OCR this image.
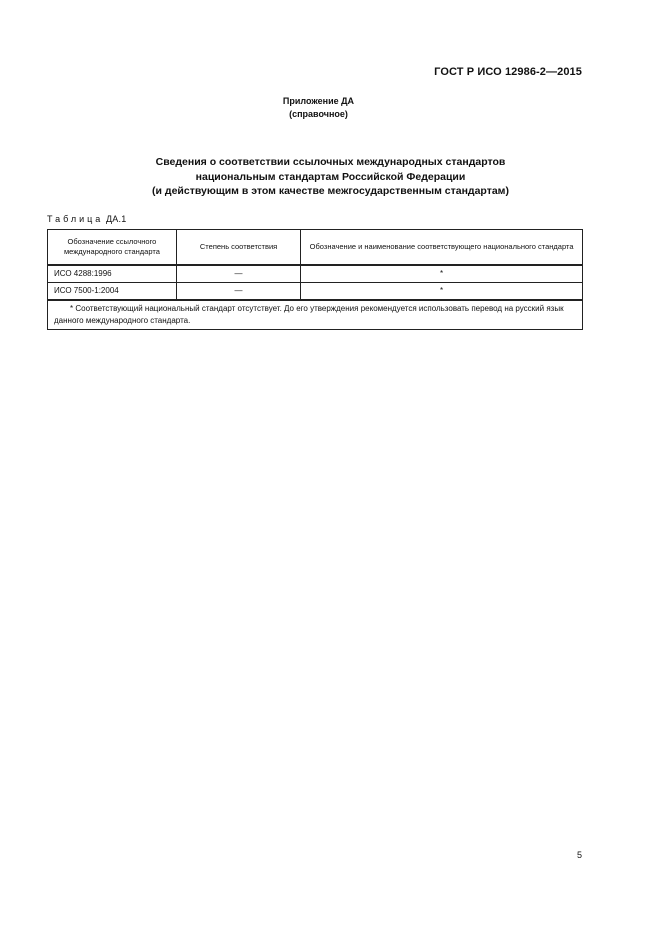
ГОСТ Р ИСО 12986-2—2015
Приложение ДА
(справочное)
Сведения о соответствии ссылочных международных стандартов
национальным стандартам Российской Федерации
(и действующим в этом качестве межгосударственным стандартам)
Таблица ДА.1
Обозначение ссылочного международного стандарта	Степень соответствия	Обозначение и наименование соответствующего национального стандарта
ИСО 4288:1996	—	*
ИСО 7500-1:2004	—	*
* Соответствующий национальный стандарт отсутствует. До его утверждения рекомендуется использовать перевод на русский язык данного международного стандарта.		
5
